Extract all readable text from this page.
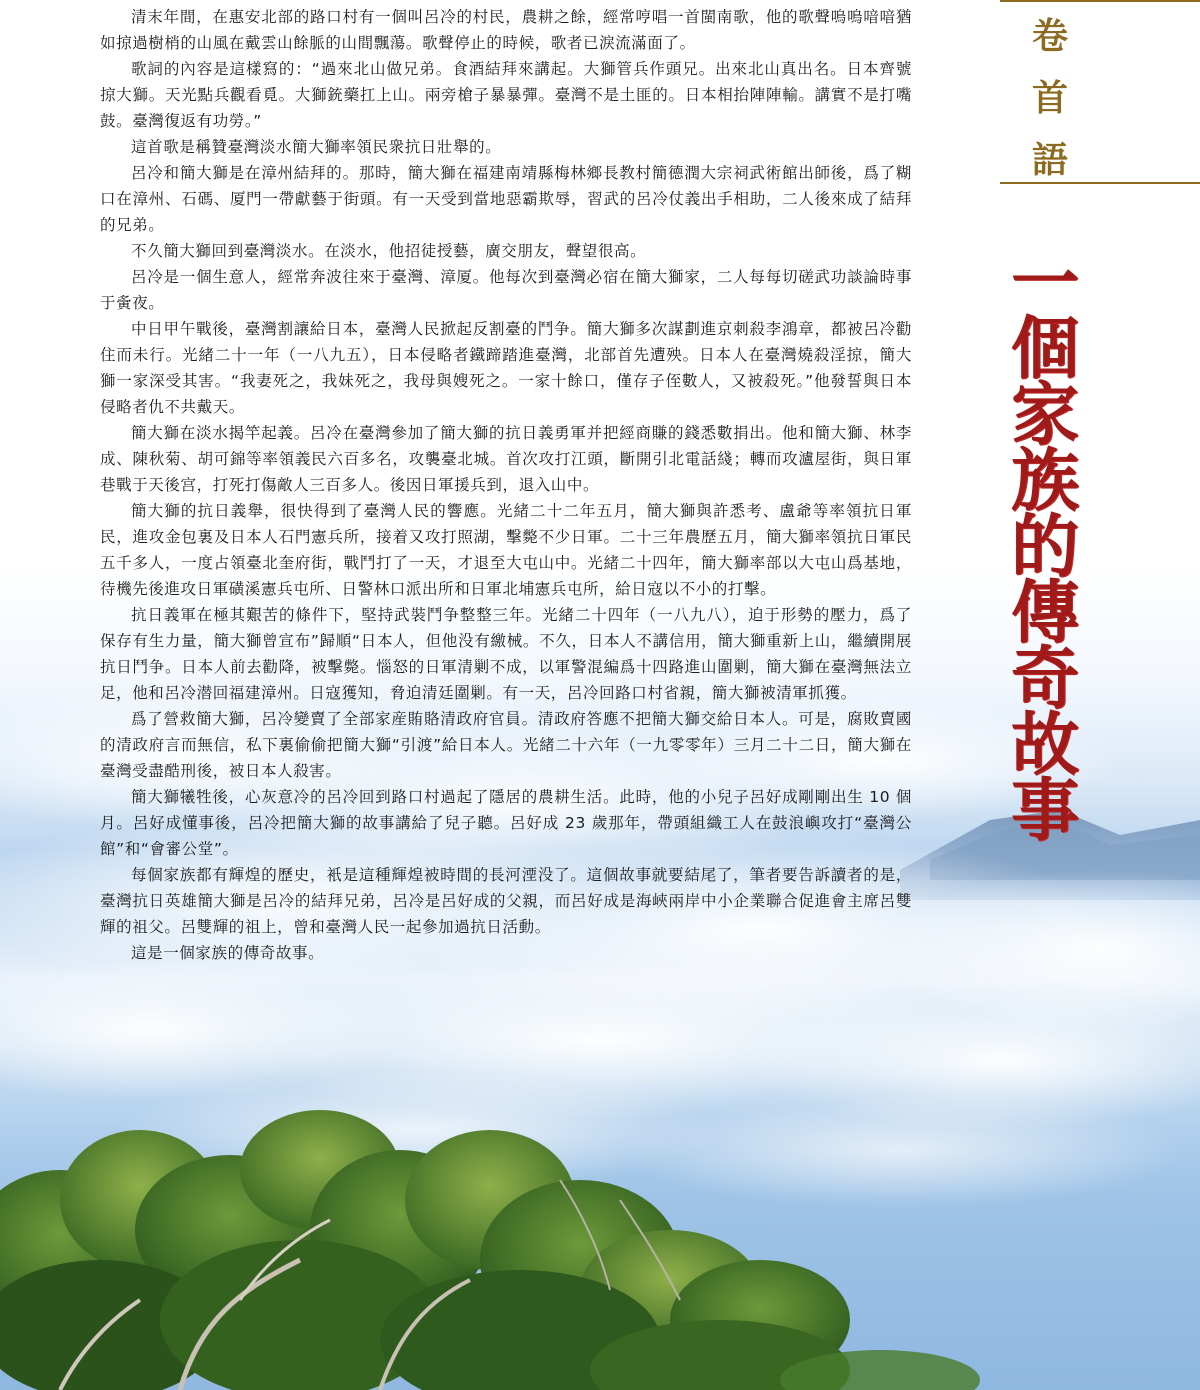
清末年間，在惠安北部的路口村有一個叫呂冷的村民，農耕之餘，經常哼唱一首閩南歌，他的歌聲嗚嗚喑喑猶如掠過樹梢的山風在戴雲山餘脈的山間飄蕩。歌聲停止的時候，歌者已淚流滿面了。

歌詞的內容是這樣寫的：“過來北山做兄弟。食酒結拜來講起。大獅管兵作頭兄。出來北山真出名。日本齊號掠大獅。天光點兵觀看覓。大獅銃藥扛上山。兩旁槍子暴暴彈。臺灣不是土匪的。日本相抬陣陣輸。講實不是打嘴鼓。臺灣復返有功勞。”

這首歌是稱贊臺灣淡水簡大獅率領民衆抗日壯舉的。

呂冷和簡大獅是在漳州結拜的。那時，簡大獅在福建南靖縣梅林鄉長教村簡德潤大宗祠武術館出師後，爲了糊口在漳州、石碼、厦門一帶獻藝于街頭。有一天受到當地惡霸欺辱，習武的呂冷仗義出手相助，二人後來成了結拜的兄弟。

不久簡大獅回到臺灣淡水。在淡水，他招徒授藝，廣交朋友，聲望很高。

呂冷是一個生意人，經常奔波往來于臺灣、漳厦。他每次到臺灣必宿在簡大獅家，二人每每切磋武功談論時事于夤夜。

中日甲午戰後，臺灣割讓給日本，臺灣人民掀起反割臺的鬥争。簡大獅多次謀劃進京刺殺李鴻章，都被呂冷勸住而未行。光緒二十一年（一八九五），日本侵略者鐵蹄踏進臺灣，北部首先遭殃。日本人在臺灣燒殺淫掠，簡大獅一家深受其害。“我妻死之，我妹死之，我母與嫂死之。一家十餘口，僅存子侄數人，又被殺死。”他發誓與日本侵略者仇不共戴天。

簡大獅在淡水揭竿起義。呂冷在臺灣參加了簡大獅的抗日義勇軍并把經商賺的錢悉數捐出。他和簡大獅、林李成、陳秋菊、胡可錦等率領義民六百多名，攻襲臺北城。首次攻打江頭，斷開引北電話綫；轉而攻瀘屋街，與日軍巷戰于天後宫，打死打傷敵人三百多人。後因日軍援兵到，退入山中。

簡大獅的抗日義舉，很快得到了臺灣人民的響應。光緒二十二年五月，簡大獅與許悉考、盧爺等率領抗日軍民，進攻金包裏及日本人石門憲兵所，接着又攻打照湖，擊斃不少日軍。二十三年農歷五月，簡大獅率領抗日軍民五千多人，一度占領臺北奎府街，戰鬥打了一天，才退至大屯山中。光緒二十四年，簡大獅率部以大屯山爲基地，待機先後進攻日軍磺溪憲兵屯所、日警林口派出所和日軍北埔憲兵屯所，給日寇以不小的打擊。

抗日義軍在極其艱苦的條件下，堅持武裝鬥争整整三年。光緒二十四年（一八九八），迫于形勢的壓力，爲了保存有生力量，簡大獅曾宣布”歸順“日本人，但他没有繳械。不久，日本人不講信用，簡大獅重新上山，繼續開展抗日鬥争。日本人前去勸降，被擊斃。惱怒的日軍清剿不成，以軍警混編爲十四路進山圍剿，簡大獅在臺灣無法立足，他和呂冷潜回福建漳州。日寇獲知，脅迫清廷圍剿。有一天，呂冷回路口村省親，簡大獅被清軍抓獲。

爲了營救簡大獅，呂冷變賣了全部家産賄賂清政府官員。清政府答應不把簡大獅交給日本人。可是，腐敗賣國的清政府言而無信，私下裏偷偷把簡大獅“引渡”給日本人。光緒二十六年（一九零零年）三月二十二日，簡大獅在臺灣受盡酷刑後，被日本人殺害。

簡大獅犧牲後，心灰意冷的呂冷回到路口村過起了隱居的農耕生活。此時，他的小兒子呂好成剛剛出生 10 個月。呂好成懂事後，呂冷把簡大獅的故事講給了兒子聽。呂好成 23 歲那年，帶頭組織工人在鼓浪嶼攻打“臺灣公館”和“會審公堂”。

每個家族都有輝煌的歷史，衹是這種輝煌被時間的長河湮没了。這個故事就要結尾了，筆者要告訴讀者的是，臺灣抗日英雄簡大獅是呂冷的結拜兄弟，呂冷是呂好成的父親，而呂好成是海峽兩岸中小企業聯合促進會主席呂雙輝的祖父。呂雙輝的祖上，曾和臺灣人民一起參加過抗日活動。

這是一個家族的傳奇故事。

卷
首
語
一
個
家
族
的
傳
奇
故
事
